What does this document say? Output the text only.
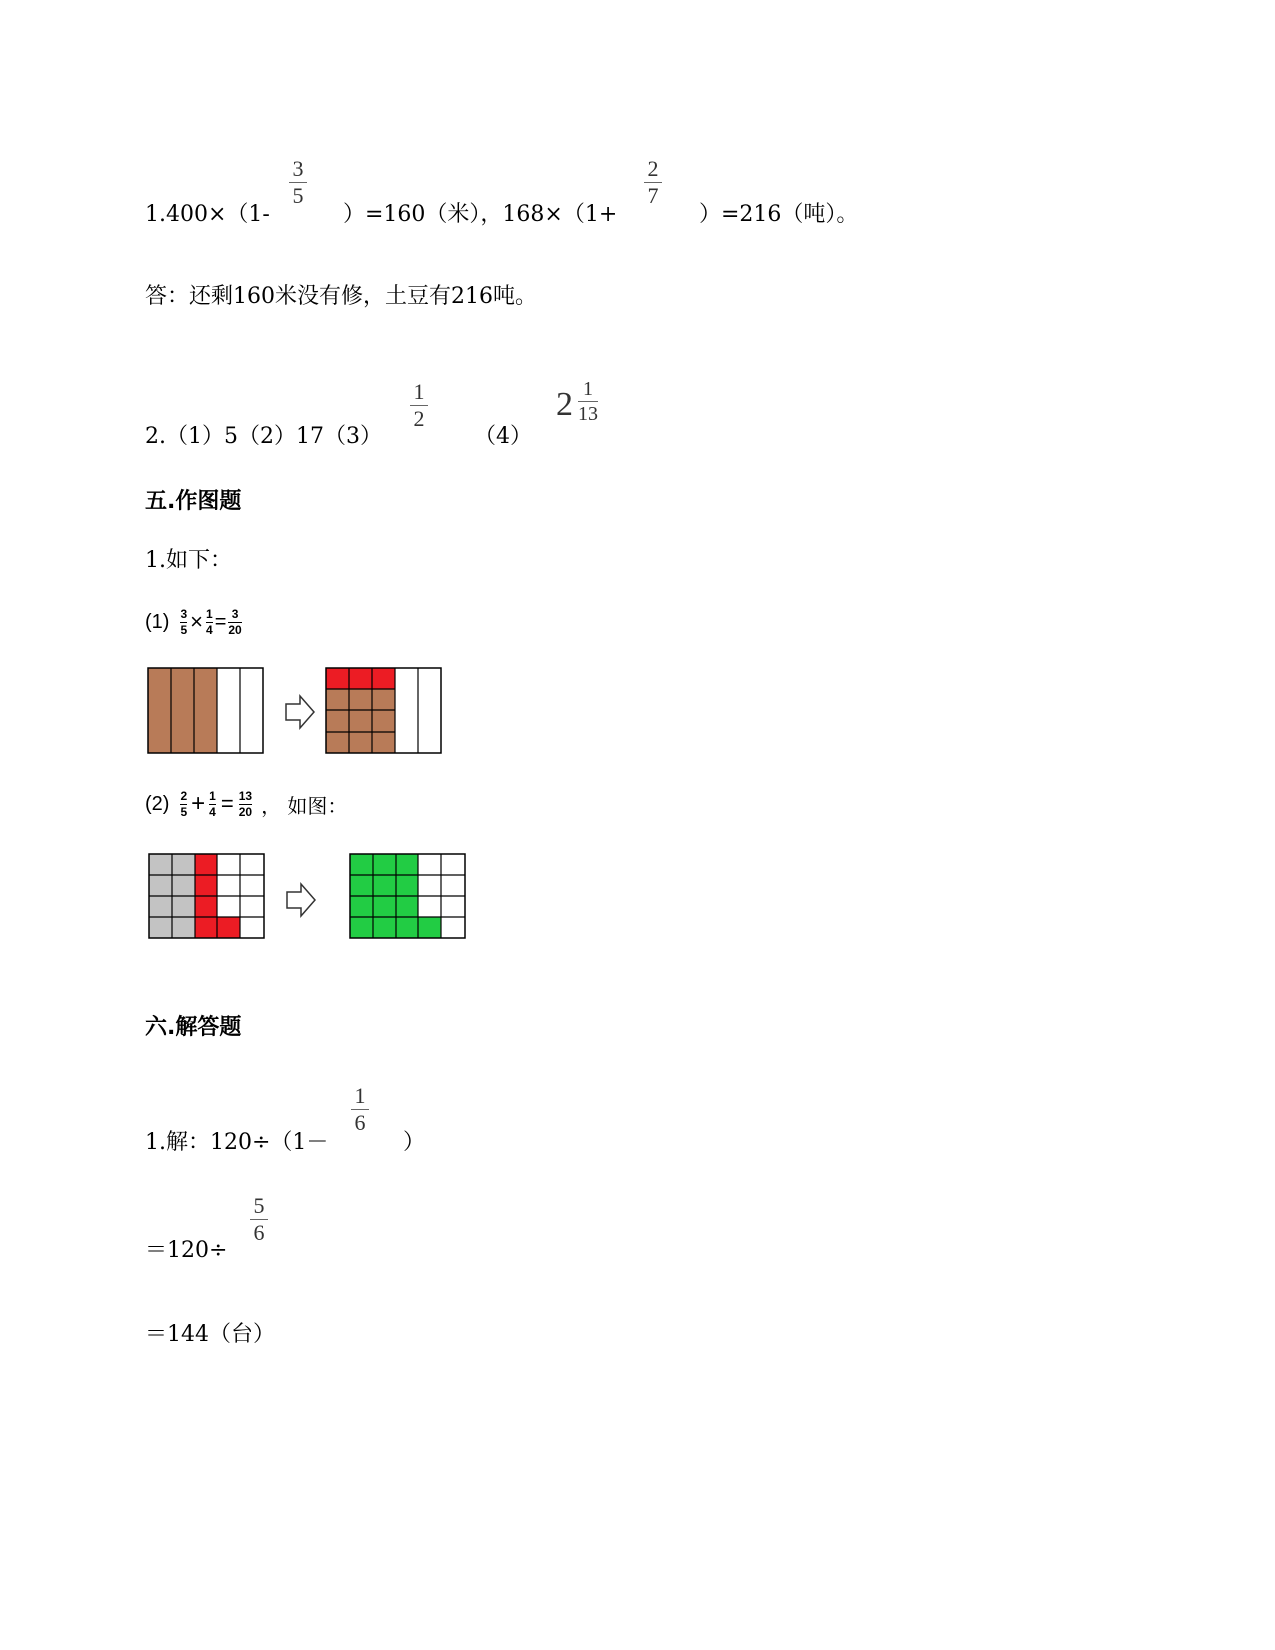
1.400×（1-
3
5
）=160（米），168×（1+
2
7
）=216（吨）。
答：还剩160米没有修，土豆有216吨。
2.（1）5（2）17（3）
1
2
（4）
2 1
13
五.作图题
1.如下：
(1) 3
5 × 1
4 = 3
20
(2) 2
5 + 1
4 = 13
20 ， 如图：
六.解答题
1.解：120÷（1－
1
6
）
＝120÷
5
6
＝144（台）
